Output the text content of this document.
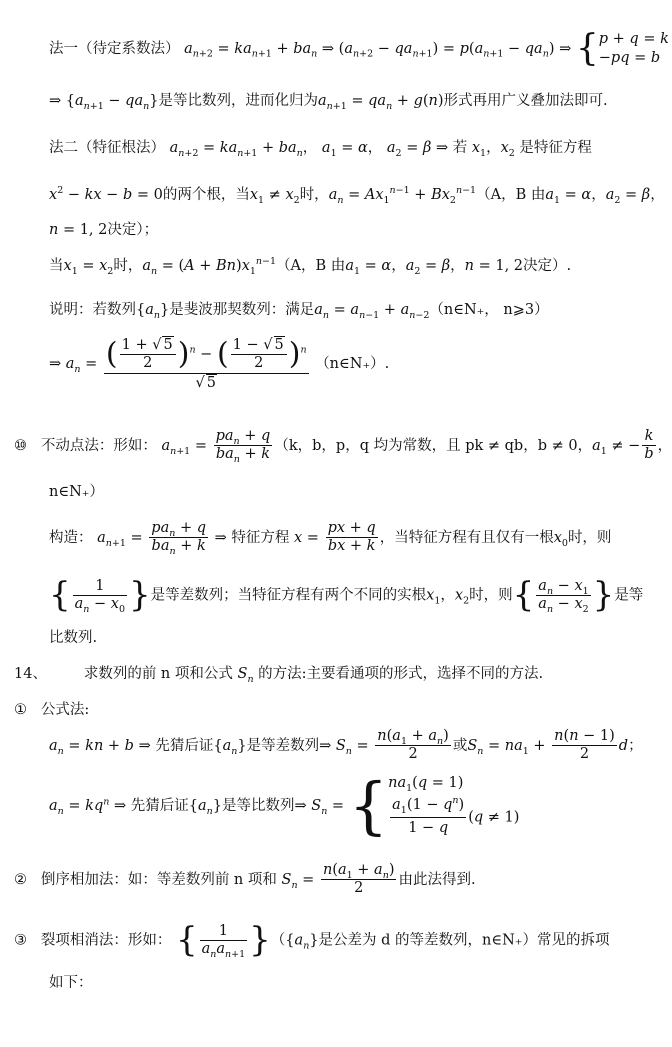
法一（待定系数法） $a_{n+2} = ka_{n+1} + ba_n$ ⇒ $(a_{n+2} - qa_{n+1}) = p(a_{n+1} - qa_n)$ ⇒ {p + q = k
−pq = b
⇒ $\{a_{n+1} - qa_n\}$是等比数列，进而化归为$a_{n+1} = qa_n + g(n)$形式再用广义叠加法即可.
法二（特征根法） $a_{n+2} = ka_{n+1} + ba_n$， $a_1 = \alpha$， $a_2 = \beta$ ⇒ 若 $x_1$，$x_2$ 是特征方程
$x^2$ − kx − b = 0的两个根，当$x_1 \ne x_2$时，$a_n = Ax_1^{n-1} + Bx_2^{n-1}(A$，B 由$a_1 = \alpha$，$a_2 = \beta$，
n = 1, 2决定）；
当$x_1 = x_2$时，$a_n = (A + Bn)x_1^{n-1}(A$，B 由$a_1 = \alpha$，$a_2 = \beta$，n = 1, 2决定）.
说明：若数列$\{a_n\}$是斐波那契数列：满足$a_n = a_{n-1}$ + $a_{n-2}(n\in N_+$， n⩾3）
⇒ $a_n = \frac{( \frac{1 + √ 5}{2} )^n - ( \frac{1 - √ 5}{2} )^n}{√ 5}$ （n∈N₊）.
⑩ 不动点法：形如： $a_{n+1} = \frac{pa_n + q}{ba_n + k} (k$，b，p，q 均为常数，且 pk ≠ qb，b ≠ 0，$a_1$ ≠ − $\frac{k}{b}$ ，
n∈N₊）
构造： $a_{n+1} = \frac{pa_n + q}{ba_n + k}$ ⇒ 特征方程 $x = \frac{px + q}{bx + k}$ ，当特征方程有且仅有一根$x_0$时，则
{ $\frac{1}{a_n - x_0}$ }是等差数列；当特征方程有两个不同的实根$x_1$，$x_2$时，则{ $\frac{a_n - x_1}{a_n - x_2}$ }是等
比数列.
14、	求数列的前 n 项和公式 $S_n$ 的方法:主要看通项的形式，选择不同的方法.
① 公式法:
$a_n$ = kn + b ⇒ 先猜后证$\{a_n\}$是等差数列⇒ $S_n = \frac{n(a_1 + a_n)}{2}$ 或$S_n = na_1 + \frac{n(n - 1)}{2}$ d；
$a_n = kq^n$ ⇒ 先猜后证$\{a_n\}$是等比数列⇒ $S_n = \{na_1(q = 1)$

$\frac{a_1(1 - q^n)}{1 - q} (q \ne 1)$
② 倒序相加法：如：等差数列前 n 项和 $S_n = \frac{n(a_1 + a_n)}{2}$ 由此法得到.
③ 裂项相消法：形如： { $\frac{1}{a_na_{n+1}} \}(\{a_n\}$是公差为 d 的等差数列，n∈N₊）常见的拆项
如下：
